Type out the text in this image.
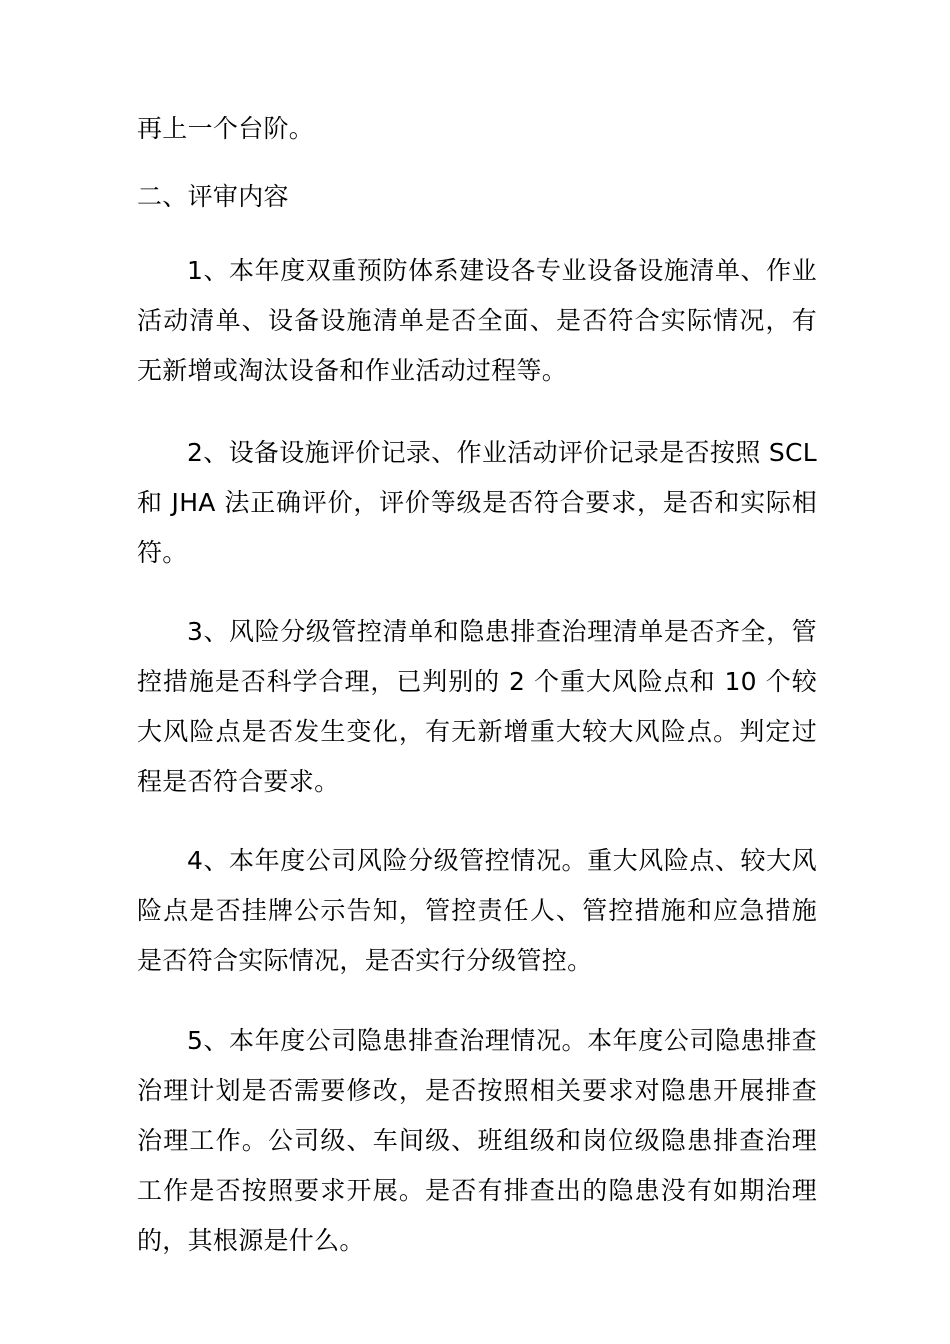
再上一个台阶。

二、评审内容

1、本年度双重预防体系建设各专业设备设施清单、作业活动清单、设备设施清单是否全面、是否符合实际情况，有无新增或淘汰设备和作业活动过程等。

2、设备设施评价记录、作业活动评价记录是否按照 SCL 和 JHA 法正确评价，评价等级是否符合要求，是否和实际相符。

3、风险分级管控清单和隐患排查治理清单是否齐全，管控措施是否科学合理，已判别的 2 个重大风险点和 10 个较大风险点是否发生变化，有无新增重大较大风险点。判定过程是否符合要求。

4、本年度公司风险分级管控情况。重大风险点、较大风险点是否挂牌公示告知，管控责任人、管控措施和应急措施是否符合实际情况，是否实行分级管控。

5、本年度公司隐患排查治理情况。本年度公司隐患排查治理计划是否需要修改，是否按照相关要求对隐患开展排查治理工作。公司级、车间级、班组级和岗位级隐患排查治理工作是否按照要求开展。是否有排查出的隐患没有如期治理的，其根源是什么。
